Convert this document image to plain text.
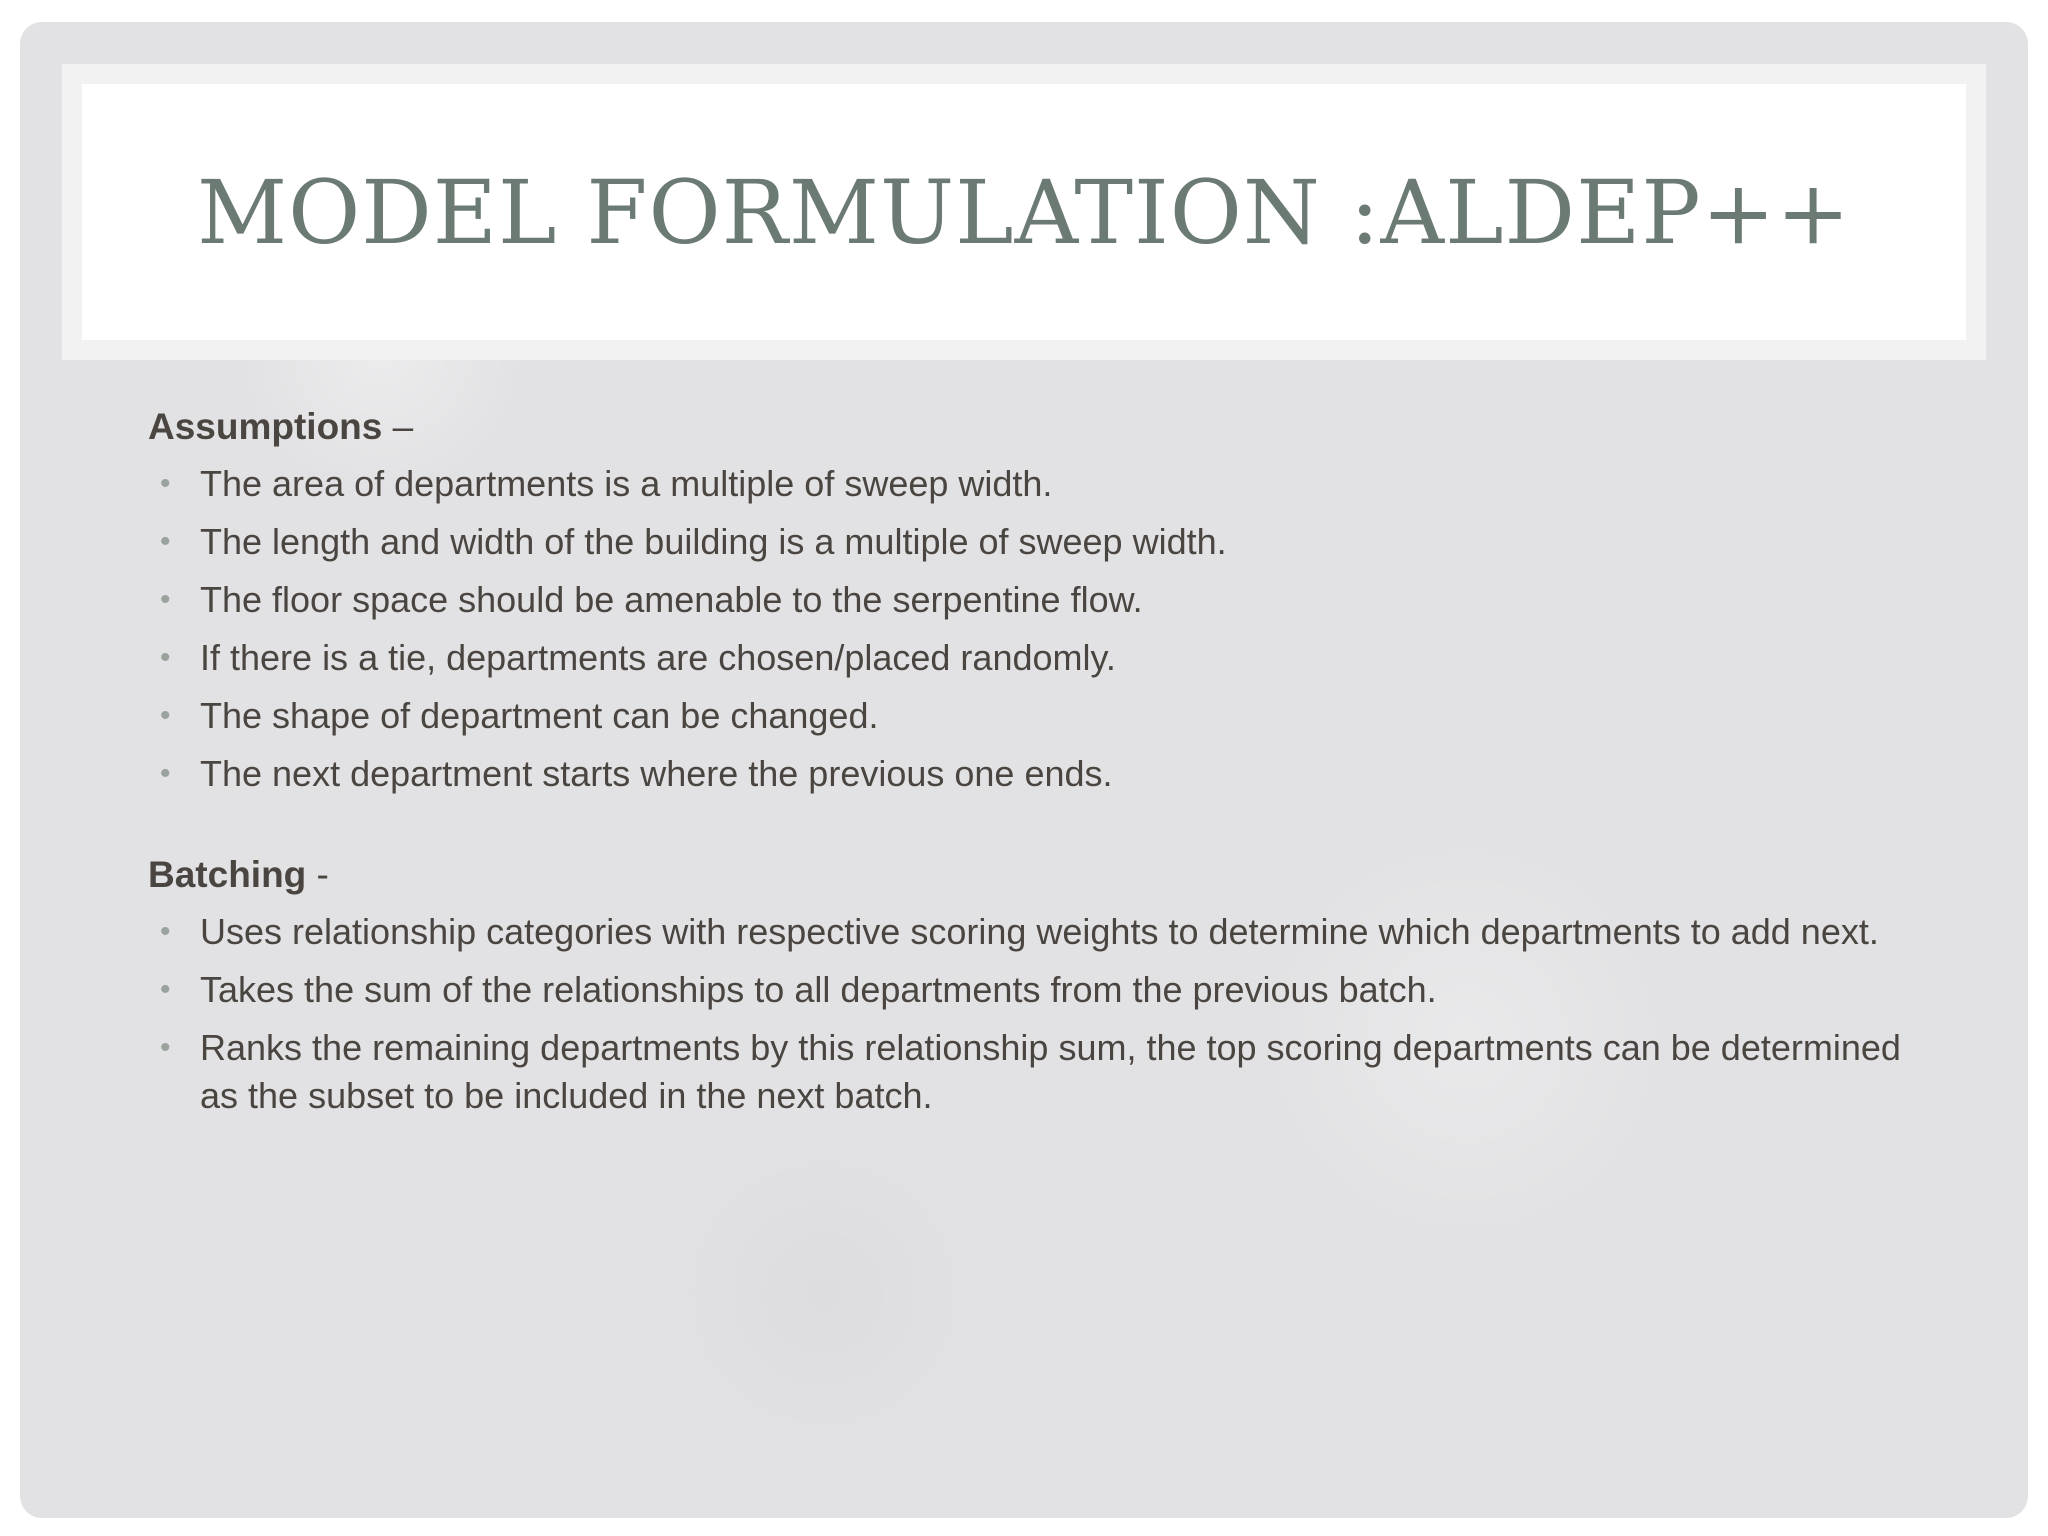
MODEL FORMULATION :ALDEP++

Assumptions –

• The area of departments is a multiple of sweep width.
• The length and width of the building is a multiple of sweep width.
• The floor space should be amenable to the serpentine flow.
• If there is a tie, departments are chosen/placed randomly.
• The shape of department can be changed.
• The next department starts where the previous one ends.

Batching -

• Uses relationship categories with respective scoring weights to determine which departments to add next.
• Takes the sum of the relationships to all departments from the previous batch.
• Ranks the remaining departments by this relationship sum, the top scoring departments can be determined as the subset to be included in the next batch.
